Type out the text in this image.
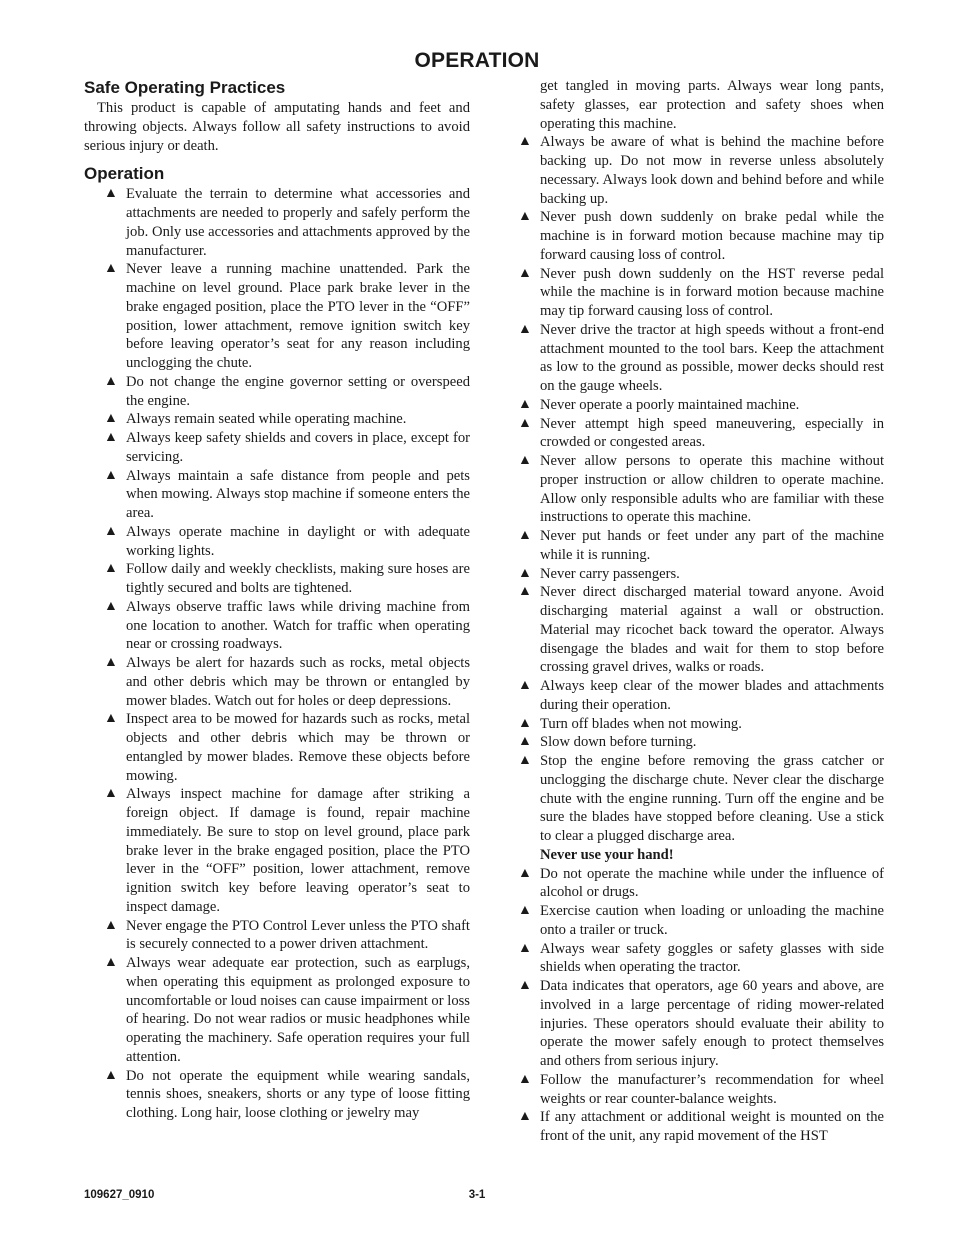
OPERATION
Safe Operating Practices

This product is capable of amputating hands and feet and throwing objects. Always follow all safety instructions to avoid serious injury or death.

Operation
▲ Evaluate the terrain to determine what accessories and attachments are needed to properly and safely perform the job. Only use accessories and attachments approved by the manufacturer.
▲ Never leave a running machine unattended. Park the machine on level ground. Place park brake lever in the brake engaged position, place the PTO lever in the “OFF” position, lower attachment, remove ignition switch key before leaving operator’s seat for any reason including unclogging the chute.
▲ Do not change the engine governor setting or overspeed the engine.
▲ Always remain seated while operating machine.
▲ Always keep safety shields and covers in place, except for servicing.
▲ Always maintain a safe distance from people and pets when mowing. Always stop machine if someone enters the area.
▲ Always operate machine in daylight or with adequate working lights.
▲ Follow daily and weekly checklists, making sure hoses are tightly secured and bolts are tightened.
▲ Always observe traffic laws while driving machine from one location to another. Watch for traffic when operating near or crossing roadways.
▲ Always be alert for hazards such as rocks, metal objects and other debris which may be thrown or entangled by mower blades. Watch out for holes or deep depressions.
▲ Inspect area to be mowed for hazards such as rocks, metal objects and other debris which may be thrown or entangled by mower blades. Remove these objects before mowing.
▲ Always inspect machine for damage after striking a foreign object. If damage is found, repair machine immediately. Be sure to stop on level ground, place park brake lever in the brake engaged position, place the PTO lever in the “OFF” position, lower attachment, remove ignition switch key before leaving operator’s seat to inspect damage.
▲ Never engage the PTO Control Lever unless the PTO shaft is securely connected to a power driven attachment.
▲ Always wear adequate ear protection, such as earplugs, when operating this equipment as prolonged exposure to uncomfortable or loud noises can cause impairment or loss of hearing. Do not wear radios or music headphones while operating the machinery. Safe operation requires your full attention.
▲ Do not operate the equipment while wearing sandals, tennis shoes, sneakers, shorts or any type of loose fitting clothing. Long hair, loose clothing or jewelry may
get tangled in moving parts. Always wear long pants, safety glasses, ear protection and safety shoes when operating this machine.
▲ Always be aware of what is behind the machine before backing up. Do not mow in reverse unless absolutely necessary. Always look down and behind before and while backing up.
▲ Never push down suddenly on brake pedal while the machine is in forward motion because machine may tip forward causing loss of control.
▲ Never push down suddenly on the HST reverse pedal while the machine is in forward motion because machine may tip forward causing loss of control.
▲ Never drive the tractor at high speeds without a front-end attachment mounted to the tool bars. Keep the attachment as low to the ground as possible, mower decks should rest on the gauge wheels.
▲ Never operate a poorly maintained machine.
▲ Never attempt high speed maneuvering, especially in crowded or congested areas.
▲ Never allow persons to operate this machine without proper instruction or allow children to operate machine. Allow only responsible adults who are familiar with these instructions to operate this machine.
▲ Never put hands or feet under any part of the machine while it is running.
▲ Never carry passengers.
▲ Never direct discharged material toward anyone. Avoid discharging material against a wall or obstruction. Material may ricochet back toward the operator. Always disengage the blades and wait for them to stop before crossing gravel drives, walks or roads.
▲ Always keep clear of the mower blades and attachments during their operation.
▲ Turn off blades when not mowing.
▲ Slow down before turning.
▲ Stop the engine before removing the grass catcher or unclogging the discharge chute. Never clear the discharge chute with the engine running. Turn off the engine and be sure the blades have stopped before cleaning. Use a stick to clear a plugged discharge area.
Never use your hand!
▲ Do not operate the machine while under the influence of alcohol or drugs.
▲ Exercise caution when loading or unloading the machine onto a trailer or truck.
▲ Always wear safety goggles or safety glasses with side shields when operating the tractor.
▲ Data indicates that operators, age 60 years and above, are involved in a large percentage of riding mower-related injuries. These operators should evaluate their ability to operate the mower safely enough to protect themselves and others from serious injury.
▲ Follow the manufacturer’s recommendation for wheel weights or rear counter-balance weights.
▲ If any attachment or additional weight is mounted on the front of the unit, any rapid movement of the HST
109627_0910	3-1
